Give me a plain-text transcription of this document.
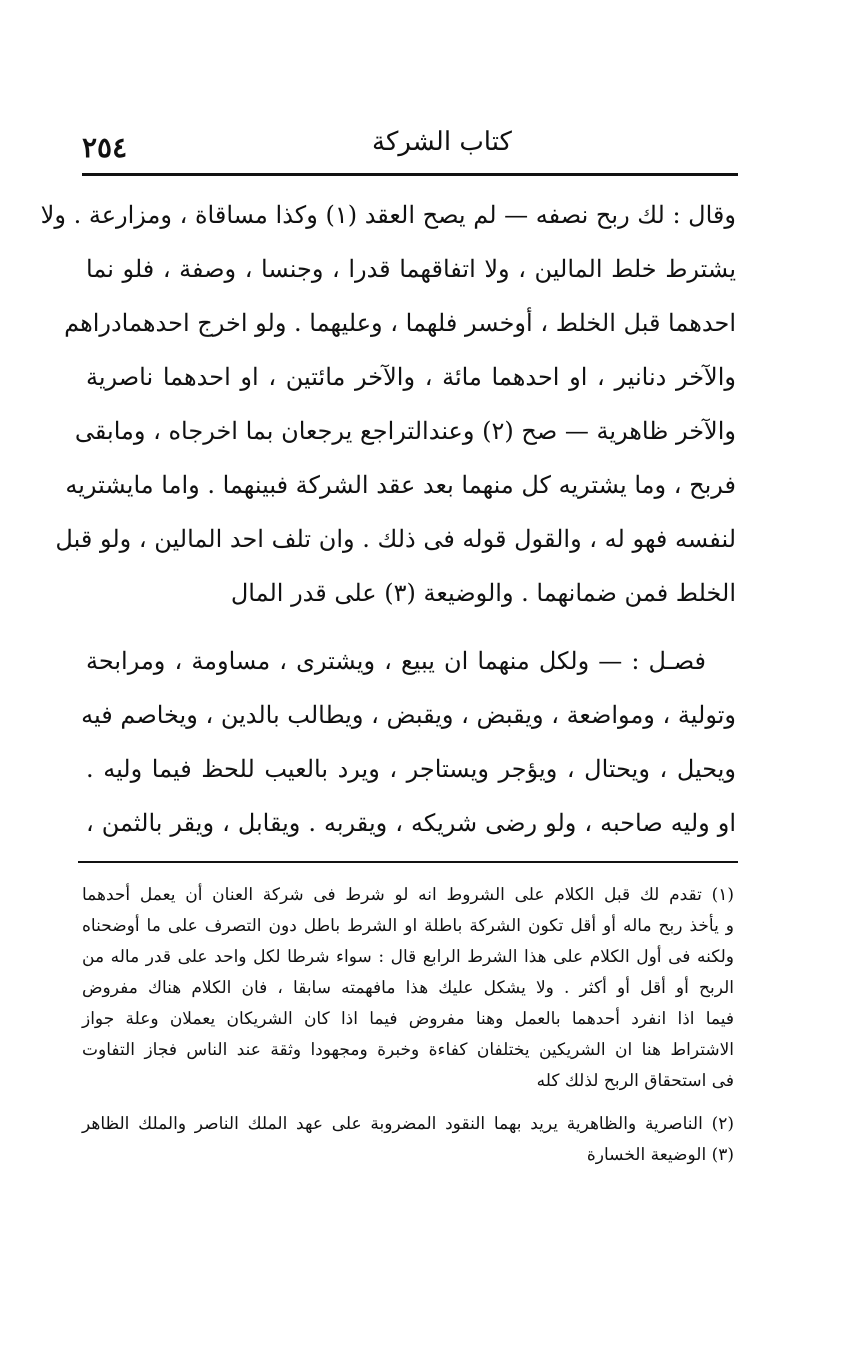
٢٥٤	كتاب الشركة
وقال : لك ربح نصفه — لم يصح العقد (١) وكذا مساقاة ، ومزارعة . ولا
يشترط خلط المالين ، ولا اتفاقهما قدرا ، وجنسا ، وصفة ، فلو نما
احدهما قبل الخلط ، أوخسر فلهما ، وعليهما . ولو اخرج احدهمادراهم
والآخر دنانير ، او احدهما مائة ، والآخر مائتين ، او احدهما ناصرية
والآخر ظاهرية — صح (٢) وعندالتراجع يرجعان بما اخرجاه ، ومابقى
فربح ، وما يشتريه كل منهما بعد عقد الشركة فبينهما . واما مايشتريه
لنفسه فهو له ، والقول قوله فى ذلك . وان تلف احد المالين ، ولو قبل
الخلط فمن ضمانهما . والوضيعة (٣) على قدر المال
فصـل : — ولكل منهما ان يبيع ، ويشترى ، مساومة ، ومرابحة
وتولية ، ومواضعة ، ويقبض ، ويقبض ، ويطالب بالدين ، ويخاصم فيه
ويحيل ، ويحتال ، ويؤجر ويستاجر ، ويرد بالعيب للحظ فيما وليه .
او وليه صاحبه ، ولو رضى شريكه ، ويقربه . ويقابل ، ويقر بالثمن ،
(١) تقدم لك قبل الكلام على الشروط انه لو شرط فى شركة العنان أن يعمل أحدهما
و يأخذ ربح ماله أو أقل تكون الشركة باطلة او الشرط باطل دون التصرف على ما أوضحناه
ولكنه فى أول الكلام على هذا الشرط الرابع قال : سواء شرطا لكل واحد على قدر ماله من
الربح أو أقل أو أكثر . ولا يشكل عليك هذا مافهمته سابقا ، فان الكلام هناك مفروض
فيما اذا انفرد أحدهما بالعمل وهنا مفروض فيما اذا كان الشريكان يعملان وعلة جواز
الاشتراط هنا ان الشريكين يختلفان كفاءة وخبرة ومجهودا وثقة عند الناس فجاز التفاوت
فى استحقاق الربح لذلك كله
(٢) الناصرية والظاهرية يريد بهما النقود المضروبة على عهد الملك الناصر والملك الظاهر
(٣) الوضيعة الخسارة
